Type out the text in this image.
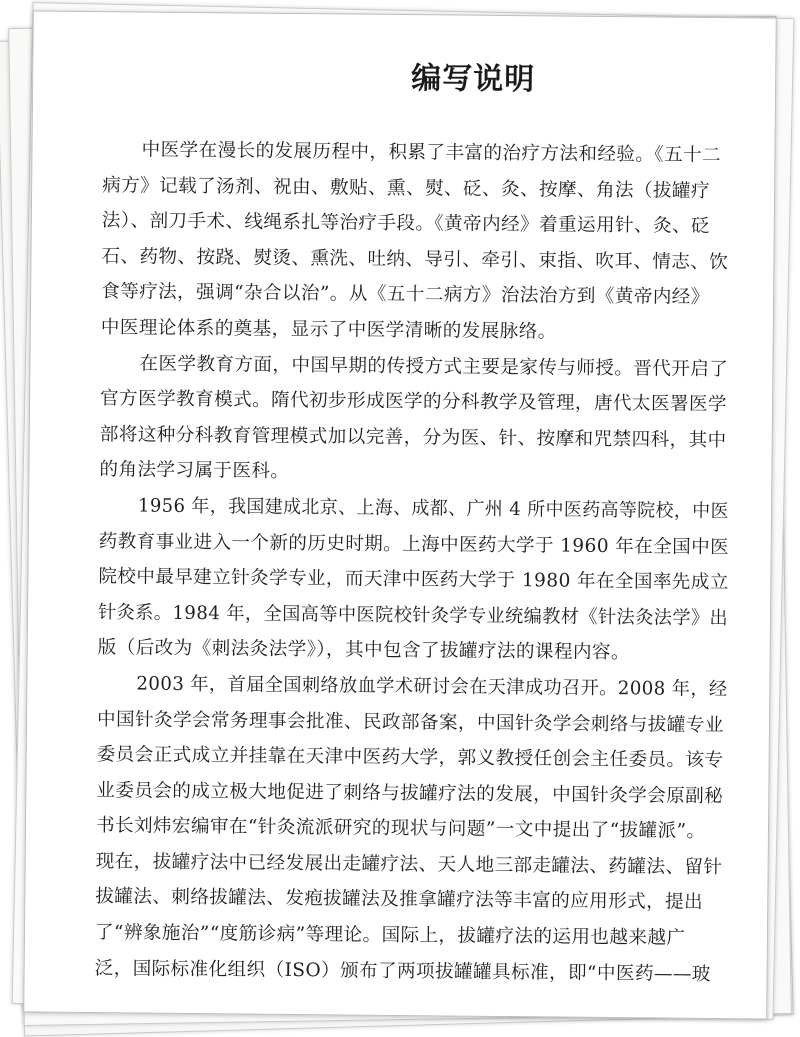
编写说明
中医学在漫长的发展历程中，积累了丰富的治疗方法和经验。《五十二
病方》记载了汤剂、祝由、敷贴、熏、熨、砭、灸、按摩、角法（拔罐疗
法）、剖刀手术、线绳系扎等治疗手段。《黄帝内经》着重运用针、灸、砭
石、药物、按跷、熨烫、熏洗、吐纳、导引、牵引、束指、吹耳、情志、饮
食等疗法，强调“杂合以治”。从《五十二病方》治法治方到《黄帝内经》
中医理论体系的奠基，显示了中医学清晰的发展脉络。
在医学教育方面，中国早期的传授方式主要是家传与师授。晋代开启了
官方医学教育模式。隋代初步形成医学的分科教学及管理，唐代太医署医学
部将这种分科教育管理模式加以完善，分为医、针、按摩和咒禁四科，其中
的角法学习属于医科。
1956 年，我国建成北京、上海、成都、广州 4 所中医药高等院校，中医
药教育事业进入一个新的历史时期。上海中医药大学于 1960 年在全国中医
院校中最早建立针灸学专业，而天津中医药大学于 1980 年在全国率先成立
针灸系。1984 年，全国高等中医院校针灸学专业统编教材《针法灸法学》出
版（后改为《刺法灸法学》），其中包含了拔罐疗法的课程内容。
2003 年，首届全国刺络放血学术研讨会在天津成功召开。2008 年，经
中国针灸学会常务理事会批准、民政部备案，中国针灸学会刺络与拔罐专业
委员会正式成立并挂靠在天津中医药大学，郭义教授任创会主任委员。该专
业委员会的成立极大地促进了刺络与拔罐疗法的发展，中国针灸学会原副秘
书长刘炜宏编审在“针灸流派研究的现状与问题”一文中提出了“拔罐派”。
现在，拔罐疗法中已经发展出走罐疗法、天人地三部走罐法、药罐法、留针
拔罐法、刺络拔罐法、发疱拔罐法及推拿罐疗法等丰富的应用形式，提出
了“辨象施治”“度筋诊病”等理论。国际上，拔罐疗法的运用也越来越广
泛，国际标准化组织（ISO）颁布了两项拔罐罐具标准，即“中医药——玻
